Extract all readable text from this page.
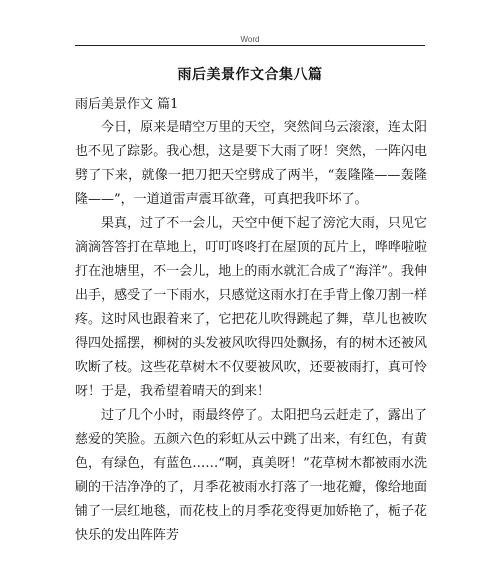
Word
雨后美景作文合集八篇
雨后美景作文 篇1

今日，原来是晴空万里的天空，突然间乌云滚滚，连太阳也不见了踪影。我心想，这是要下大雨了呀！突然，一阵闪电劈了下来，就像一把刀把天空劈成了两半，“轰隆隆——轰隆隆——”，一道道雷声震耳欲聋，可真把我吓坏了。

果真，过了不一会儿，天空中便下起了滂沱大雨，只见它滴滴答答打在草地上，叮叮咚咚打在屋顶的瓦片上，哗哗啦啦打在池塘里，不一会儿，地上的雨水就汇合成了“海洋”。我伸出手，感受了一下雨水，只感觉这雨水打在手背上像刀割一样疼。这时风也跟着来了，它把花儿吹得跳起了舞，草儿也被吹得四处摇摆，柳树的头发被风吹得四处飘扬，有的树木还被风吹断了枝。这些花草树木不仅要被风吹，还要被雨打，真可怜呀！于是，我希望着晴天的到来！

过了几个小时，雨最终停了。太阳把乌云赶走了，露出了慈爱的笑脸。五颜六色的彩虹从云中跳了出来，有红色，有黄色，有绿色，有蓝色……“啊，真美呀！”花草树木都被雨水洗刷的干洁净净的了，月季花被雨水打落了一地花瓣，像给地面铺了一层红地毯，而花枝上的月季花变得更加娇艳了，栀子花快乐的发出阵阵芳
